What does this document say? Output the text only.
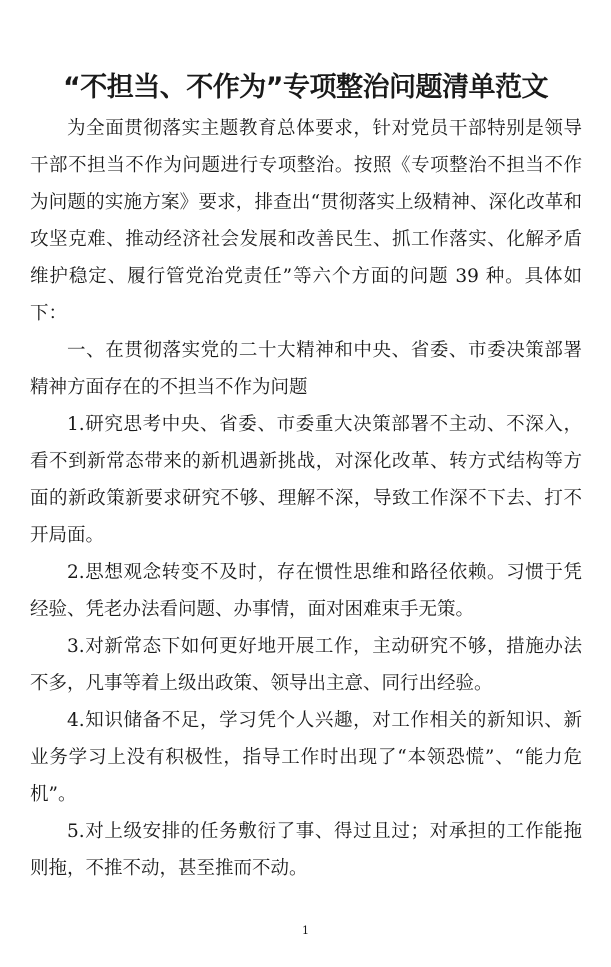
“不担当、不作为”专项整治问题清单范文

为全面贯彻落实主题教育总体要求，针对党员干部特别是领导干部不担当不作为问题进行专项整治。按照《专项整治不担当不作为问题的实施方案》要求，排查出“贯彻落实上级精神、深化改革和攻坚克难、推动经济社会发展和改善民生、抓工作落实、化解矛盾维护稳定、履行管党治党责任”等六个方面的问题 39 种。具体如下：

一、在贯彻落实党的二十大精神和中央、省委、市委决策部署精神方面存在的不担当不作为问题

1.研究思考中央、省委、市委重大决策部署不主动、不深入，看不到新常态带来的新机遇新挑战，对深化改革、转方式结构等方面的新政策新要求研究不够、理解不深，导致工作深不下去、打不开局面。

2.思想观念转变不及时，存在惯性思维和路径依赖。习惯于凭经验、凭老办法看问题、办事情，面对困难束手无策。

3.对新常态下如何更好地开展工作，主动研究不够，措施办法不多，凡事等着上级出政策、领导出主意、同行出经验。

4.知识储备不足，学习凭个人兴趣，对工作相关的新知识、新业务学习上没有积极性，指导工作时出现了“本领恐慌”、“能力危机”。

5.对上级安排的任务敷衍了事、得过且过；对承担的工作能拖则拖，不推不动，甚至推而不动。

1
